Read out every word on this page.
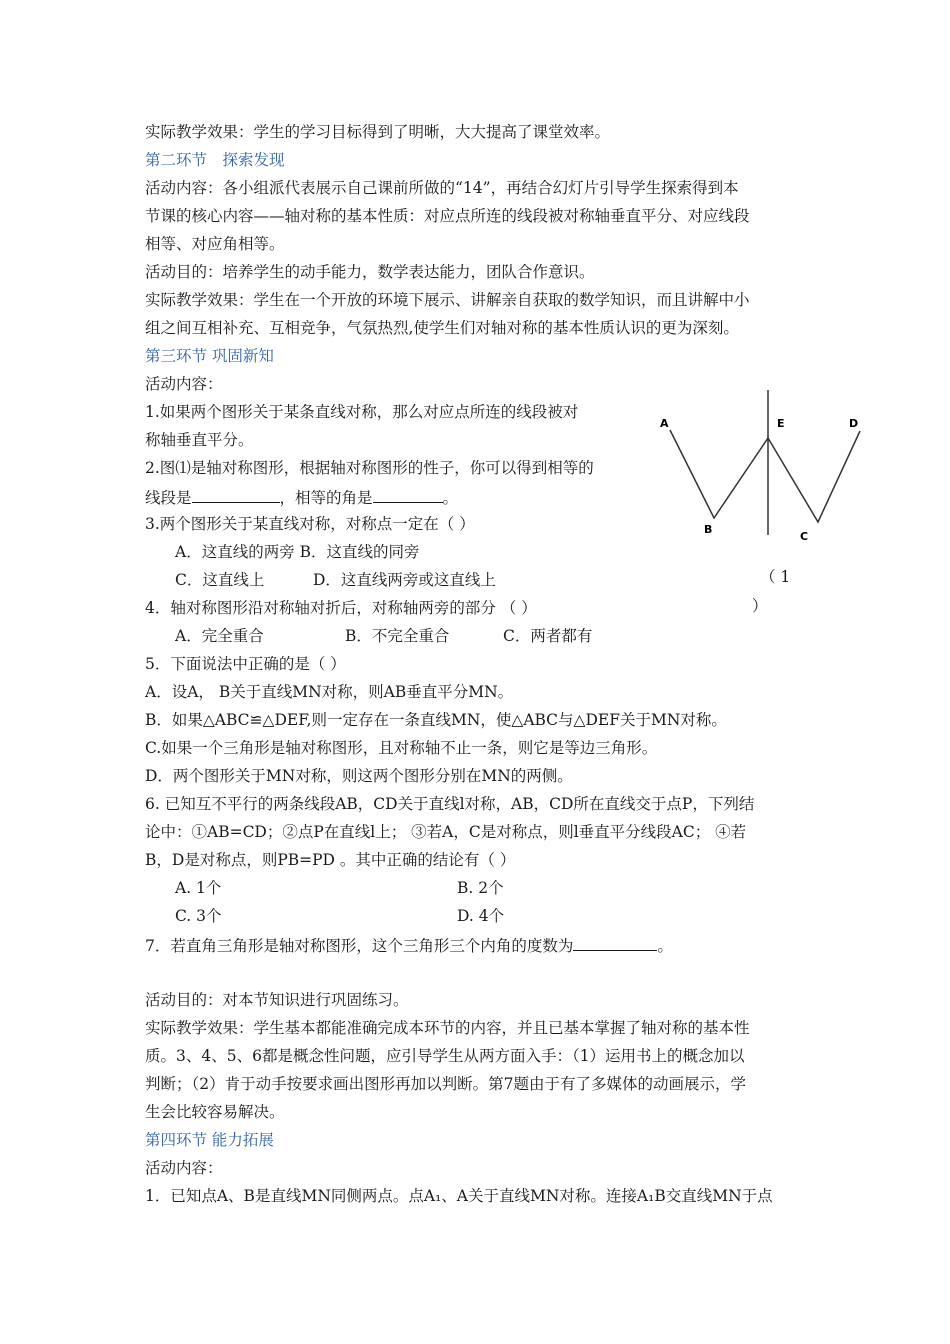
实际教学效果：学生的学习目标得到了明晰，大大提高了课堂效率。
第二环节　探索发现
活动内容：各小组派代表展示自己课前所做的“14”，再结合幻灯片引导学生探索得到本
节课的核心内容——轴对称的基本性质：对应点所连的线段被对称轴垂直平分、对应线段
相等、对应角相等。
活动目的：培养学生的动手能力，数学表达能力，团队合作意识。
实际教学效果：学生在一个开放的环境下展示、讲解亲自获取的数学知识，而且讲解中小
组之间互相补充、互相竞争，气氛热烈,使学生们对轴对称的基本性质认识的更为深刻。
第三环节 巩固新知
活动内容：
1.如果两个图形关于某条直线对称，那么对应点所连的线段被对
称轴垂直平分。
2.图⑴是轴对称图形，根据轴对称图形的性子，你可以得到相等的
线段是	，相等的角是	。
3.两个图形关于某直线对称，对称点一定在（ ）
A．这直线的两旁 B．这直线的同旁
C．这直线上	D．这直线两旁或这直线上
4．轴对称图形沿对称轴对折后，对称轴两旁的部分 （ ）
A．完全重合	B．不完全重合	C．两者都有
5．下面说法中正确的是（ ）
A．设A， B关于直线MN对称，则AB垂直平分MN。
B．如果△ABC≌△DEF,则一定存在一条直线MN，使△ABC与△DEF关于MN对称。
C.如果一个三角形是轴对称图形，且对称轴不止一条，则它是等边三角形。
D．两个图形关于MN对称，则这两个图形分别在MN的两侧。
6. 已知互不平行的两条线段AB，CD关于直线l对称，AB，CD所在直线交于点P，下列结
论中：①AB=CD；②点P在直线l上； ③若A，C是对称点，则l垂直平分线段AC； ④若
B，D是对称点，则PB=PD 。其中正确的结论有（ ）
A. 1个	B. 2个
C. 3个	D. 4个
7．若直角三角形是轴对称图形，这个三角形三个内角的度数为	。
活动目的：对本节知识进行巩固练习。
实际教学效果：学生基本都能准确完成本环节的内容，并且已基本掌握了轴对称的基本性
质。3、4、5、6都是概念性问题，应引导学生从两方面入手：（1）运用书上的概念加以
判断；（2）肯于动手按要求画出图形再加以判断。第7题由于有了多媒体的动画展示，学
生会比较容易解决。
第四环节 能力拓展
活动内容：
1．已知点A、B是直线MN同侧两点。点A₁、A关于直线MN对称。连接A₁B交直线MN于点
A
B
C
D
E
（ 1
）
